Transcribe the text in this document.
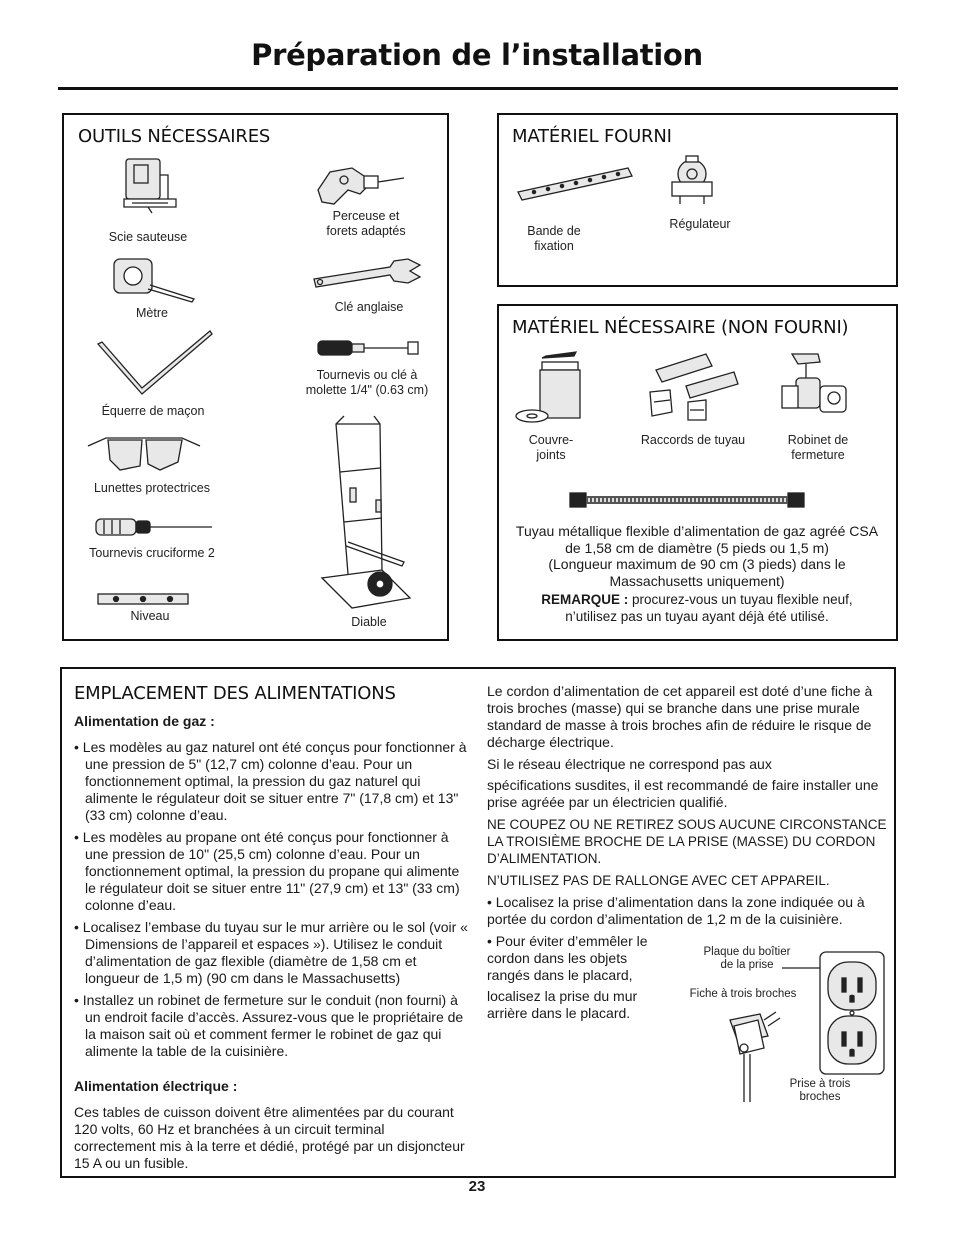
Préparation de l’installation
OUTILS NÉCESSAIRES
Scie sauteuse
Perceuse et
forets adaptés
Mètre	Clé anglaise
Équerre de maçon
Tournevis ou clé à
molette 1/4" (0.63 cm)
Lunettes protectrices
Diable
Tournevis cruciforme 2
Niveau
MATÉRIEL FOURNI
Bande de
fixation
Régulateur
MATÉRIEL NÉCESSAIRE (NON FOURNI)
Couvre-
joints
Raccords de tuyau	Robinet de
fermeture
Tuyau métallique flexible d’alimentation de gaz agréé CSA de 1,58 cm de diamètre (5 pieds ou 1,5 m)
(Longueur maximum de 90 cm (3 pieds) dans le Massachusetts uniquement)
REMARQUE : procurez-vous un tuyau flexible neuf, n’utilisez pas un tuyau ayant déjà été utilisé.
EMPLACEMENT DES ALIMENTATIONS

Alimentation de gaz :

• Les modèles au gaz naturel ont été conçus pour fonctionner à une pression de 5" (12,7 cm) colonne d’eau. Pour un fonctionnement optimal, la pression du gaz naturel qui alimente le régulateur doit se situer entre 7" (17,8 cm) et 13" (33 cm) colonne d’eau.

• Les modèles au propane ont été conçus pour fonctionner à une pression de 10" (25,5 cm) colonne d’eau. Pour un fonctionnement optimal, la pression du propane qui alimente le régulateur doit se situer entre 11" (27,9 cm) et 13" (33 cm) colonne d’eau.

• Localisez l’embase du tuyau sur le mur arrière ou le sol (voir « Dimensions de l’appareil et espaces »). Utilisez le conduit d’alimentation de gaz flexible (diamètre de 1,58 cm et longueur de 1,5 m) (90 cm dans le Massachusetts)

• Installez un robinet de fermeture sur le conduit (non fourni) à un endroit facile d’accès. Assurez-vous que le propriétaire de la maison sait où et comment fermer le robinet de gaz qui alimente la table de la cuisinière.

Alimentation électrique :

Ces tables de cuisson doivent être alimentées par du courant 120 volts, 60 Hz et branchées à un circuit terminal correctement mis à la terre et dédié, protégé par un disjoncteur 15 A ou un fusible.

Le cordon d’alimentation de cet appareil est doté d’une fiche à trois broches (masse) qui se branche dans une prise murale standard de masse à trois broches afin de réduire le risque de décharge électrique.

Si le réseau électrique ne correspond pas aux

spécifications susdites, il est recommandé de faire installer une prise agréée par un électricien qualifié.

NE COUPEZ OU NE RETIREZ SOUS AUCUNE CIRCONSTANCE LA TROISIÈME BROCHE DE LA PRISE (MASSE) DU CORDON D’ALIMENTATION.

N’UTILISEZ PAS DE RALLONGE AVEC CET APPAREIL.

• Localisez la prise d’alimentation dans la zone indiquée ou à portée du cordon d’alimentation de 1,2 m de la cuisinière.

• Pour éviter d’emmêler le cordon dans les objets rangés dans le placard,

localisez la prise du mur arrière dans le placard.

Plaque du boîtier
de la prise
Fiche à trois broches
Prise à trois
broches
23
